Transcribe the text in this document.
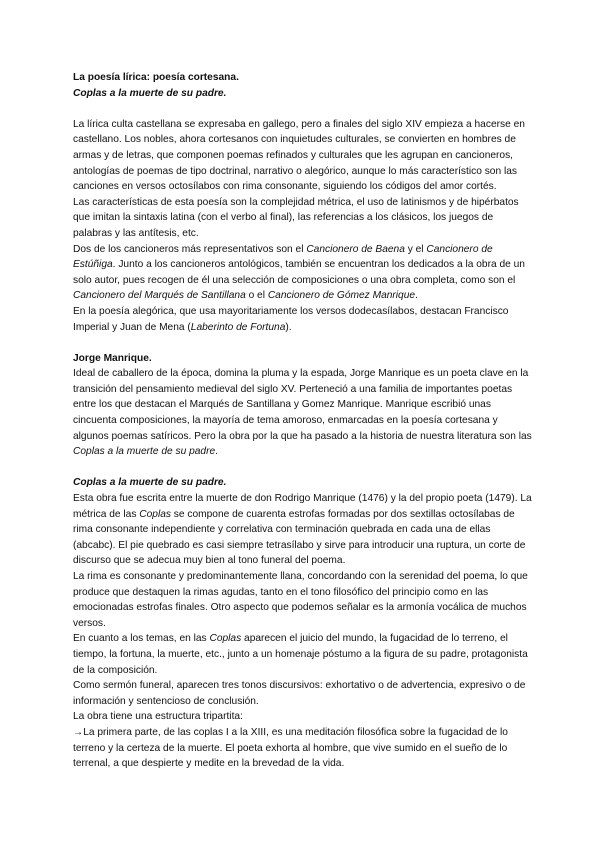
La poesía lírica: poesía cortesana.

Coplas a la muerte de su padre.

La lírica culta castellana se expresaba en gallego, pero a finales del siglo XIV empieza a hacerse en castellano. Los nobles, ahora cortesanos con inquietudes culturales, se convierten en hombres de armas y de letras, que componen poemas refinados y culturales que les agrupan en cancioneros, antologías de poemas de tipo doctrinal, narrativo o alegórico, aunque lo más característico son las canciones en versos octosílabos con rima consonante, siguiendo los códigos del amor cortés.

Las características de esta poesía son la complejidad métrica, el uso de latinismos y de hipérbatos que imitan la sintaxis latina (con el verbo al final), las referencias a los clásicos, los juegos de palabras y las antítesis, etc.

Dos de los cancioneros más representativos son el Cancionero de Baena y el Cancionero de Estúñiga. Junto a los cancioneros antológicos, también se encuentran los dedicados a la obra de un solo autor, pues recogen de él una selección de composiciones o una obra completa, como son el Cancionero del Marqués de Santillana o el Cancionero de Gómez Manrique.

En la poesía alegórica, que usa mayoritariamente los versos dodecasílabos, destacan Francisco Imperial y Juan de Mena (Laberinto de Fortuna).

Jorge Manrique.

Ideal de caballero de la época, domina la pluma y la espada, Jorge Manrique es un poeta clave en la transición del pensamiento medieval del siglo XV. Perteneció a una familia de importantes poetas entre los que destacan el Marqués de Santillana y Gomez Manrique. Manrique escribió unas cincuenta composiciones, la mayoría de tema amoroso, enmarcadas en la poesía cortesana y algunos poemas satíricos. Pero la obra por la que ha pasado a la historia de nuestra literatura son las Coplas a la muerte de su padre.

Coplas a la muerte de su padre.

Esta obra fue escrita entre la muerte de don Rodrigo Manrique (1476) y la del propio poeta (1479). La métrica de las Coplas se compone de cuarenta estrofas formadas por dos sextillas octosílabas de rima consonante independiente y correlativa con terminación quebrada en cada una de ellas (abcabc). El pie quebrado es casi siempre tetrasílabo y sirve para introducir una ruptura, un corte de discurso que se adecua muy bien al tono funeral del poema.

La rima es consonante y predominantemente llana, concordando con la serenidad del poema, lo que produce que destaquen la rimas agudas, tanto en el tono filosófico del principio como en las emocionadas estrofas finales. Otro aspecto que podemos señalar es la armonía vocálica de muchos versos.

En cuanto a los temas, en las Coplas aparecen el juicio del mundo, la fugacidad de lo terreno, el tiempo, la fortuna, la muerte, etc., junto a un homenaje póstumo a la figura de su padre, protagonista de la composición.

Como sermón funeral, aparecen tres tonos discursivos: exhortativo o de advertencia, expresivo o de información y sentencioso de conclusión.

La obra tiene una estructura tripartita:

→La primera parte, de las coplas I a la XIII, es una meditación filosófica sobre la fugacidad de lo terreno y la certeza de la muerte. El poeta exhorta al hombre, que vive sumido en el sueño de lo terrenal, a que despierte y medite en la brevedad de la vida.
